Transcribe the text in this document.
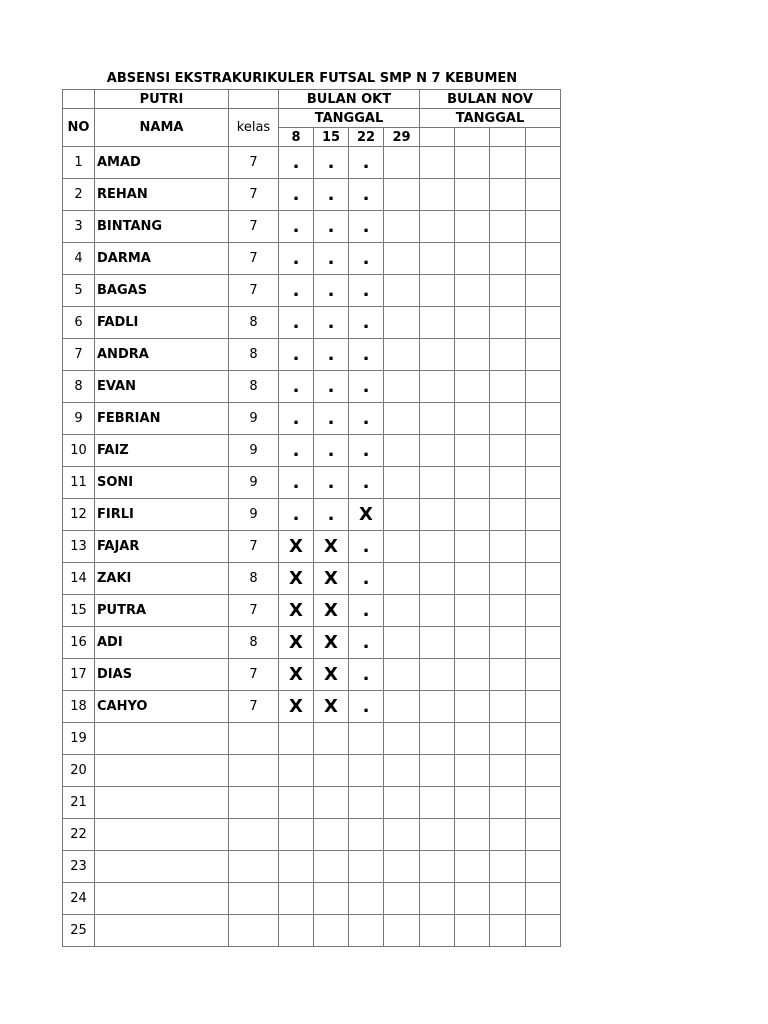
ABSENSI EKSTRAKURIKULER FUTSAL SMP N 7 KEBUMEN
	PUTRI		BULAN OKT				BULAN NOV			
NO	NAMA	kelas	TANGGAL				TANGGAL			
			8	15	22	29				
1	AMAD	7	.	.	.					
2	REHAN	7	.	.	.					
3	BINTANG	7	.	.	.					
4	DARMA	7	.	.	.					
5	BAGAS	7	.	.	.					
6	FADLI	8	.	.	.					
7	ANDRA	8	.	.	.					
8	EVAN	8	.	.	.					
9	FEBRIAN	9	.	.	.					
10	FAIZ	9	.	.	.					
11	SONI	9	.	.	.					
12	FIRLI	9	.	.	X					
13	FAJAR	7	X	X	.					
14	ZAKI	8	X	X	.					
15	PUTRA	7	X	X	.					
16	ADI	8	X	X	.					
17	DIAS	7	X	X	.					
18	CAHYO	7	X	X	.					
19										
20										
21										
22										
23										
24										
25										
